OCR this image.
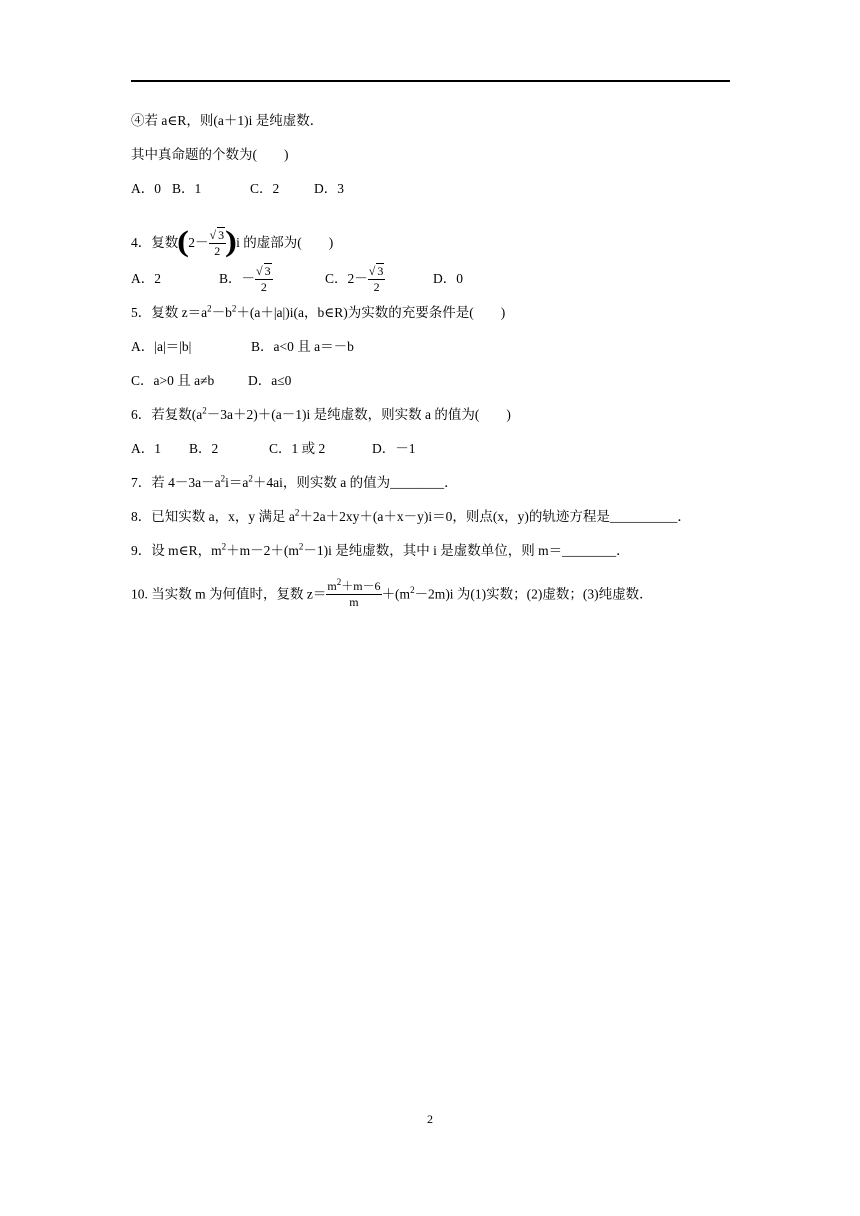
④若 a∈R，则(a＋1)i 是纯虚数．
其中真命题的个数为(　　)
A．0 B．1	C．2	D．3
4．复数$(2- \frac{√ 3}{2} )i$ 的虚部为(　　)
A．2	B．－ $\frac{√ 3}{2}$	C．$2- \frac{√ 3}{2}$	D．0
5．复数 $z=a^2-b^2+(a+|a|)i(a$，b∈R)为实数的充要条件是(　　)
A．|a|＝|b|	B．a<0 且 a＝－b
C．a>0 且 a≠b D．a≤0
6．若复数$(a^2-3a+2)+(a-1)i$ 是纯虚数，则实数 a 的值为(　　)
A．1 B．2	C．1 或 2	D．－1
7．若 $4-3a-a^2i=a^2+4ai$，则实数 a 的值为________．
8．已知实数 a，x，y 满足 $a^2+2a+2xy+(a+x-y)i=0$，则点(x，y)的轨迹方程是__________．
9．设 m∈R，$m^2+m-2+(m^2-1)i$ 是纯虚数，其中 i 是虚数单位，则 m＝________．
10. 当实数 m 为何值时，复数 $z= \frac{m^2+m-6}{m} +(m^2-2m)i$ 为(1)实数；(2)虚数；(3)纯虚数．
2
